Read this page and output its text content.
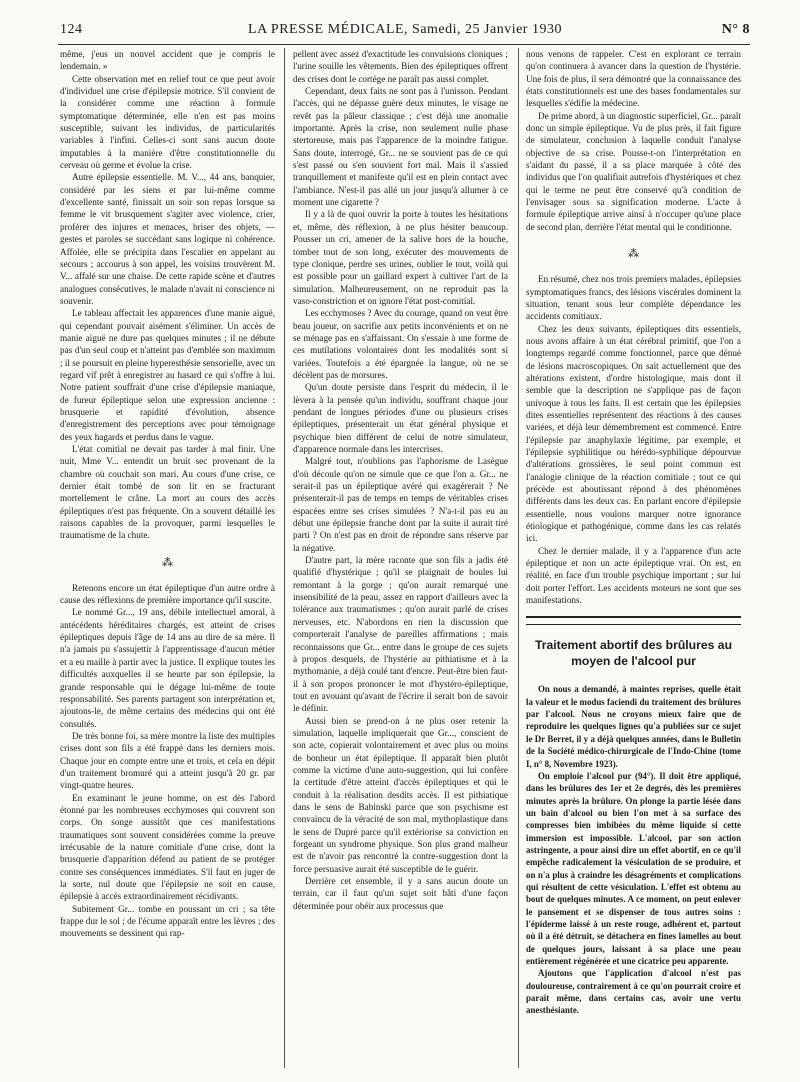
124	LA PRESSE MÉDICALE, Samedi, 25 Janvier 1930	N° 8

même, j'eus un nouvel accident que je compris le lendemain. »

Cette observation met en relief tout ce que peut avoir d'individuel une crise d'épilepsie motrice. S'il convient de la considérer comme une réaction à formule symptomatique déterminée, elle n'en est pas moins susceptible, suivant les individus, de particularités variables à l'infini. Celles-ci sont sans aucun doute imputables à la manière d'être constitutionnelle du cerveau où germe et évolue la crise.

Autre épilepsie essentielle. M. V..., 44 ans, banquier, considéré par les siens et par lui-même comme d'excellente santé, finissait un soir son repas lorsque sa femme le vit brusquement s'agiter avec violence, crier, proférer des injures et menaces, briser des objets, — gestes et paroles se succédant sans logique ni cohérence. Affolée, elle se précipita dans l'escalier en appelant au secours ; accourus à son appel, les voisins trouvèrent M. V... affalé sur une chaise. De cette rapide scène et d'autres analogues consécutives, le malade n'avait ni conscience ni souvenir.

Le tableau affectait les apparences d'une manie aiguë, qui cependant pouvait aisément s'éliminer. Un accès de manie aiguë ne dure pas quelques minutes ; il ne débute pas d'un seul coup et n'atteint pas d'emblée son maximum ; il se poursuit en pleine hyperesthésie sensorielle, avec un regard vif prêt à enregistrer au hasard ce qui s'offre à lui. Notre patient souffrait d'une crise d'épilepsie maniaque, de fureur épileptique selon une expression ancienne : brusquerie et rapidité d'évolution, absence d'enregistrement des perceptions avec pour témoignage des yeux hagards et perdus dans le vague.

L'état comitial ne devait pas tarder à mal finir. Une nuit, Mme V... entendit un bruit sec provenant de la chambre où couchait son mari. Au cours d'une crise, ce dernier était tombé de son lit en se fracturant mortellement le crâne. La mort au cours des accès épileptiques n'est pas fréquente. On a souvent détaillé les raisons capables de la provoquer, parmi lesquelles le traumatisme de la chute.

⁂

Retenons encore un état épileptique d'un autre ordre à cause des réflexions de première importance qu'il suscite.

Le nommé Gr..., 19 ans, débile intellectuel amoral, à antécédents héréditaires chargés, est atteint de crises épileptiques depuis l'âge de 14 ans au dire de sa mère. Il n'a jamais pu s'assujettir à l'apprentissage d'aucun métier et a eu maille à partir avec la justice. Il explique toutes les difficultés auxquelles il se heurte par son épilepsie, la grande responsable qui le dégage lui-même de toute responsabilité. Ses parents partagent son interprétation et, ajoutons-le, de même certains des médecins qui ont été consultés.

De très bonne foi, sa mère montre la liste des multiples crises dont son fils a été frappé dans les derniers mois. Chaque jour en compte entre une et trois, et cela en dépit d'un traitement bromuré qui a atteint jusqu'à 20 gr. par vingt-quatre heures.

En examinant le jeune homme, on est dès l'abord étonné par les nombreuses ecchymoses qui couvrent son corps. On songe aussitôt que ces manifestations traumatiques sont souvent considérées comme la preuve irrécusable de la nature comitiale d'une crise, dont la brusquerie d'apparition défend au patient de se protéger contre ses conséquences immédiates. S'il faut en juger de la sorte, nul doute que l'épilepsie ne soit en cause, épilepsie à accès extraordinairement récidivants.

Subitement Gr... tombe en poussant un cri ; sa tête frappe dur le sol ; de l'écume apparaît entre les lèvres ; des mouvements se dessinent qui rap-

pellent avec assez d'exactitude les convulsions cloniques ; l'urine souille les vêtements. Bien des épileptiques offrent des crises dont le cortège ne paraît pas aussi complet.

Cependant, deux faits ne sont pas à l'unisson. Pendant l'accès, qui ne dépasse guère deux minutes, le visage ne revêt pas la pâleur classique ; c'est déjà une anomalie importante. Après la crise, non seulement nulle phase stertoreuse, mais pas l'apparence de la moindre fatigue. Sans doute, interrogé, Gr... ne se souvient pas de ce qui s'est passé ou s'en souvient fort mal. Mais il s'assied tranquillement et manifeste qu'il est en plein contact avec l'ambiance. N'est-il pas allé un jour jusqu'à allumer à ce moment une cigarette ?

Il y a là de quoi ouvrir la porte à toutes les hésitations et, même, dès réflexion, à ne plus hésiter beaucoup. Pousser un cri, amener de la salive hors de la bouche, tomber tout de son long, exécuter des mouvements de type clonique, perdre ses urines, oublier le tout, voilà qui est possible pour un gaillard expert à cultiver l'art de la simulation. Malheureusement, on ne reproduit pas la vaso-constriction et on ignore l'état post-comitial.

Les ecchymoses ? Avec du courage, quand on veut être beau joueur, on sacrifie aux petits inconvénients et on ne se ménage pas en s'affaissant. On s'essaie à une forme de ces mutilations volontaires dont les modalités sont si variées. Toutefois a été épargnée la langue, où ne se décèlent pas de morsures.

Qu'un doute persiste dans l'esprit du médecin, il le lèvera à la pensée qu'un individu, souffrant chaque jour pendant de longues périodes d'une ou plusieurs crises épileptiques, présenterait un état général physique et psychique bien différent de celui de notre simulateur, d'apparence normale dans les intercrises.

Malgré tout, n'oublions pas l'aphorisme de Lasègue d'où découle qu'on ne simule que ce que l'on a. Gr... ne serait-il pas un épileptique avéré qui exagérerait ? Ne présenterait-il pas de temps en temps de véritables crises espacées entre ses crises simulées ? N'a-t-il pas eu au début une épilepsie franche dont par la suite il aurait tiré parti ? On n'est pas en droit de répondre sans réserve par la négative.

D'autre part, la mère raconte que son fils a jadis été qualifié d'hystérique ; qu'il se plaignait de boules lui remontant à la gorge ; qu'on aurait remarqué une insensibilité de la peau, assez en rapport d'ailleurs avec la tolérance aux traumatismes ; qu'on aurait parlé de crises nerveuses, etc. N'abordons en rien la discussion que comporterait l'analyse de pareilles affirmations ; mais reconnaissons que Gr... entre dans le groupe de ces sujets à propos desquels, de l'hystérie au pithiatisme et à la mythomanie, a déjà coulé tant d'encre. Peut-être bien faut-il à son propos prononcer le mot d'hystéro-épileptique, tout en avouant qu'avant de l'écrire il serait bon de savoir le définir.

Aussi bien se prend-on à ne plus oser retenir la simulation, laquelle impliquerait que Gr..., conscient de son acte, copierait volontairement et avec plus ou moins de bonheur un état épileptique. Il apparaît bien plutôt comme la victime d'une auto-suggestion, qui lui confère la certitude d'être atteint d'accès épileptiques et qui le conduit à la réalisation desdits accès. Il est pithiatique dans le sens de Babinski parce que son psychisme est convaincu de la véracité de son mal, mythoplastique dans le sens de Dupré parce qu'il extériorise sa conviction en forgeant un syndrome physique. Son plus grand malheur est de n'avoir pas rencontré la contre-suggestion dont la force persuasive aurait été susceptible de le guérir.

Derrière cet ensemble, il y a sans aucun doute un terrain, car il faut qu'un sujet soit bâti d'une façon déterminée pour obéir aux processus que

nous venons de rappeler. C'est en explorant ce terrain qu'on continuera à avancer dans la question de l'hystérie. Une fois de plus, il sera démontré que la connaissance des états constitutionnels est une des bases fondamentales sur lesquelles s'édifie la médecine.

De prime abord, à un diagnostic superficiel, Gr... paraît donc un simple épileptique. Vu de plus près, il fait figure de simulateur, conclusion à laquelle conduit l'analyse objective de sa crise. Pousse-t-on l'interprétation en s'aidant du passé, il a sa place marquée à côté des individus que l'on qualifiait autrefois d'hystériques et chez qui le terme ne peut être conservé qu'à condition de l'envisager sous sa signification moderne. L'acte à formule épileptique arrive ainsi à n'occuper qu'une place de second plan, derrière l'état mental qui le conditionne.

⁂

En résumé, chez nos trois premiers malades, épilepsies symptomatiques francs, des lésions viscérales dominent la situation, tenant sous leur complète dépendance les accidents comitiaux.

Chez les deux suivants, épileptiques dits essentiels, nous avons affaire à un état cérébral primitif, que l'on a longtemps regardé comme fonctionnel, parce que dénué de lésions macroscopiques. On sait actuellement que des altérations existent, d'ordre histologique, mais dont il semble que la description ne s'applique pas de façon univoque à tous les faits. Il est certain que les épilepsies dites essentielles représentent des réactions à des causes variées, et déjà leur démembrement est commencé. Entre l'épilepsie par anaphylaxie légitime, par exemple, et l'épilepsie syphilitique ou hérédo-syphilique dépourvue d'altérations grossières, le seul point commun est l'analogie clinique de la réaction comitiale ; tout ce qui précède est aboutissant répond à des phénomènes différents dans les deux cas. En parlant encore d'épilepsie essentielle, nous voulons marquer notre ignorance étiologique et pathogénique, comme dans les cas relatés ici.

Chez le dernier malade, il y a l'apparence d'un acte épileptique et non un acte épileptique vrai. On est, en réalité, en face d'un trouble psychique important ; sur lui doit porter l'effort. Les accidents moteurs ne sont que ses manifestations.

Traitement abortif des brûlures au moyen de l'alcool pur

On nous a demandé, à maintes reprises, quelle était la valeur et le modus faciendi du traitement des brûlures par l'alcool. Nous ne croyons mieux faire que de reproduire les quelques lignes qu'a publiées sur ce sujet le Dr Berret, il y a déjà quelques années, dans le Bulletin de la Société médico-chirurgicale de l'Indo-Chine (tome I, n° 8, Novembre 1923).

On emploie l'alcool pur (94°). Il doit être appliqué, dans les brûlures des 1er et 2e degrés, dès les premières minutes après la brûlure. On plonge la partie lésée dans un bain d'alcool ou bien l'on met à sa surface des compresses bien imbibées du même liquide si cette immersion est impossible. L'alcool, par son action astringente, a pour ainsi dire un effet abortif, en ce qu'il empêche radicalement la vésiculation de se produire, et on n'a plus à craindre les désagréments et complications qui résultent de cette vésiculation. L'effet est obtenu au bout de quelques minutes. A ce moment, on peut enlever le pansement et se dispenser de tous autres soins : l'épiderme laissé à un reste rouge, adhérent et, partout où il a été détruit, se détachera en fines lamelles au bout de quelques jours, laissant à sa place une peau entièrement régénérée et une cicatrice peu apparente.

Ajoutons que l'application d'alcool n'est pas douloureuse, contrairement à ce qu'on pourrait croire et paraît même, dans certains cas, avoir une vertu anesthésiante.
